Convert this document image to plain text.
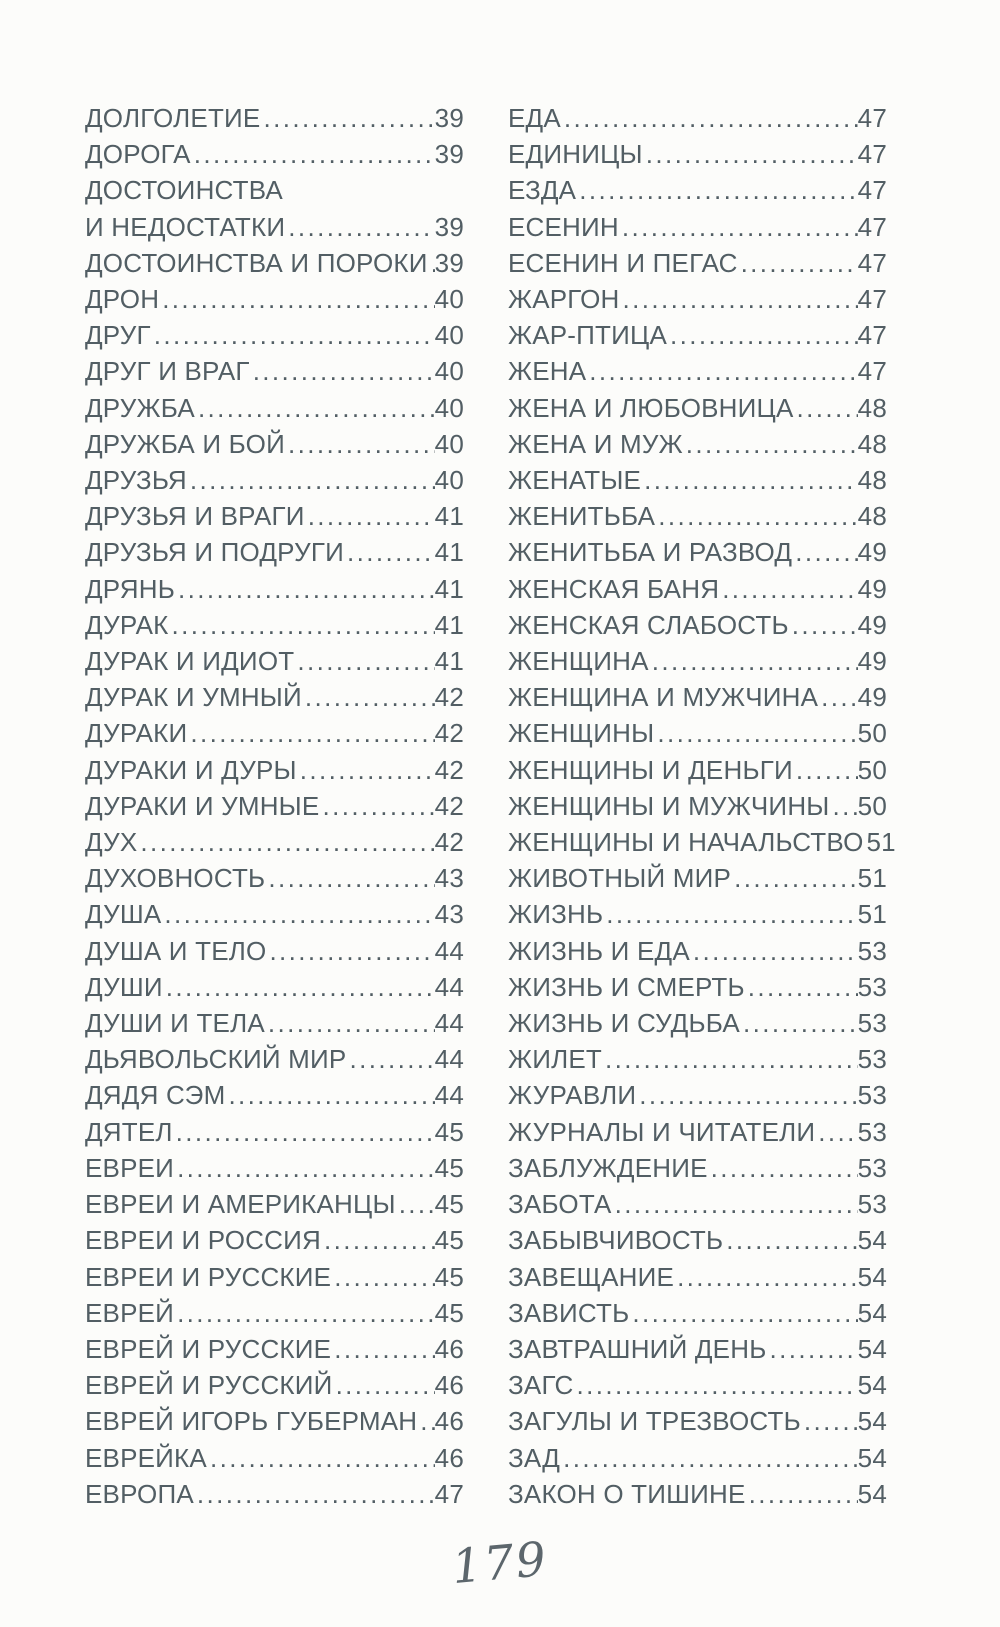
ДОЛГОЛЕТИЕ .....	39
ДОРОГА .....	39
ДОСТОИНСТВА
И НЕДОСТАТКИ .....	39
ДОСТОИНСТВА И ПОРОКИ ..... 39
ДРОН .....	40
ДРУГ .....	40
ДРУГ И ВРАГ .....	40
ДРУЖБА .....	40
ДРУЖБА И БОЙ .....	40
ДРУЗЬЯ .....	40
ДРУЗЬЯ И ВРАГИ .....	41
ДРУЗЬЯ И ПОДРУГИ .....	41
ДРЯНЬ .....	41
ДУРАК .....	41
ДУРАК И ИДИОТ .....	41
ДУРАК И УМНЫЙ .....	42
ДУРАКИ .....	42
ДУРАКИ И ДУРЫ .....	42
ДУРАКИ И УМНЫЕ .....	42
ДУХ .....	42
ДУХОВНОСТЬ .....	43
ДУША .....	43
ДУША И ТЕЛО .....	44
ДУШИ .....	44
ДУШИ И ТЕЛА .....	44
ДЬЯВОЛЬСКИЙ МИР .....	44
ДЯДЯ СЭМ .....	44
ДЯТЕЛ .....	45
ЕВРЕИ .....	45
ЕВРЕИ И АМЕРИКАНЦЫ ..... 45
ЕВРЕИ И РОССИЯ .....	45
ЕВРЕИ И РУССКИЕ .....	45
ЕВРЕЙ .....	45
ЕВРЕЙ И РУССКИЕ .....	46
ЕВРЕЙ И РУССКИЙ .....	46
ЕВРЕЙ ИГОРЬ ГУБЕРМАН ..... 46
ЕВРЕЙКА .....	46
ЕВРОПА .....	47
ЕДА .....	47
ЕДИНИЦЫ .....	47
ЕЗДА .....	47
ЕСЕНИН .....	47
ЕСЕНИН И ПЕГАС .....	47
ЖАРГОН .....	47
ЖАР-ПТИЦА .....	47
ЖЕНА .....	47
ЖЕНА И ЛЮБОВНИЦА ..... 48
ЖЕНА И МУЖ .....	48
ЖЕНАТЫЕ .....	48
ЖЕНИТЬБА .....	48
ЖЕНИТЬБА И РАЗВОД .....	49
ЖЕНСКАЯ БАНЯ .....	49
ЖЕНСКАЯ СЛАБОСТЬ .....	49
ЖЕНЩИНА .....	49
ЖЕНЩИНА И МУЖЧИНА ..... 49
ЖЕНЩИНЫ .....	50
ЖЕНЩИНЫ И ДЕНЬГИ ..... 50
ЖЕНЩИНЫ И МУЖЧИНЫ ..... 50
ЖЕНЩИНЫ И НАЧАЛЬСТВО 51
ЖИВОТНЫЙ МИР .....	51
ЖИЗНЬ .....	51
ЖИЗНЬ И ЕДА .....	53
ЖИЗНЬ И СМЕРТЬ .....	53
ЖИЗНЬ И СУДЬБА .....	53
ЖИЛЕТ .....	53
ЖУРАВЛИ .....	53
ЖУРНАЛЫ И ЧИТАТЕЛИ ..... 53
ЗАБЛУЖДЕНИЕ .....	53
ЗАБОТА .....	53
ЗАБЫВЧИВОСТЬ .....	54
ЗАВЕЩАНИЕ .....	54
ЗАВИСТЬ .....	54
ЗАВТРАШНИЙ ДЕНЬ .....	54
ЗАГС .....	54
ЗАГУЛЫ И ТРЕЗВОСТЬ ..... 54
ЗАД .....	54
ЗАКОН О ТИШИНЕ .....	54
179
